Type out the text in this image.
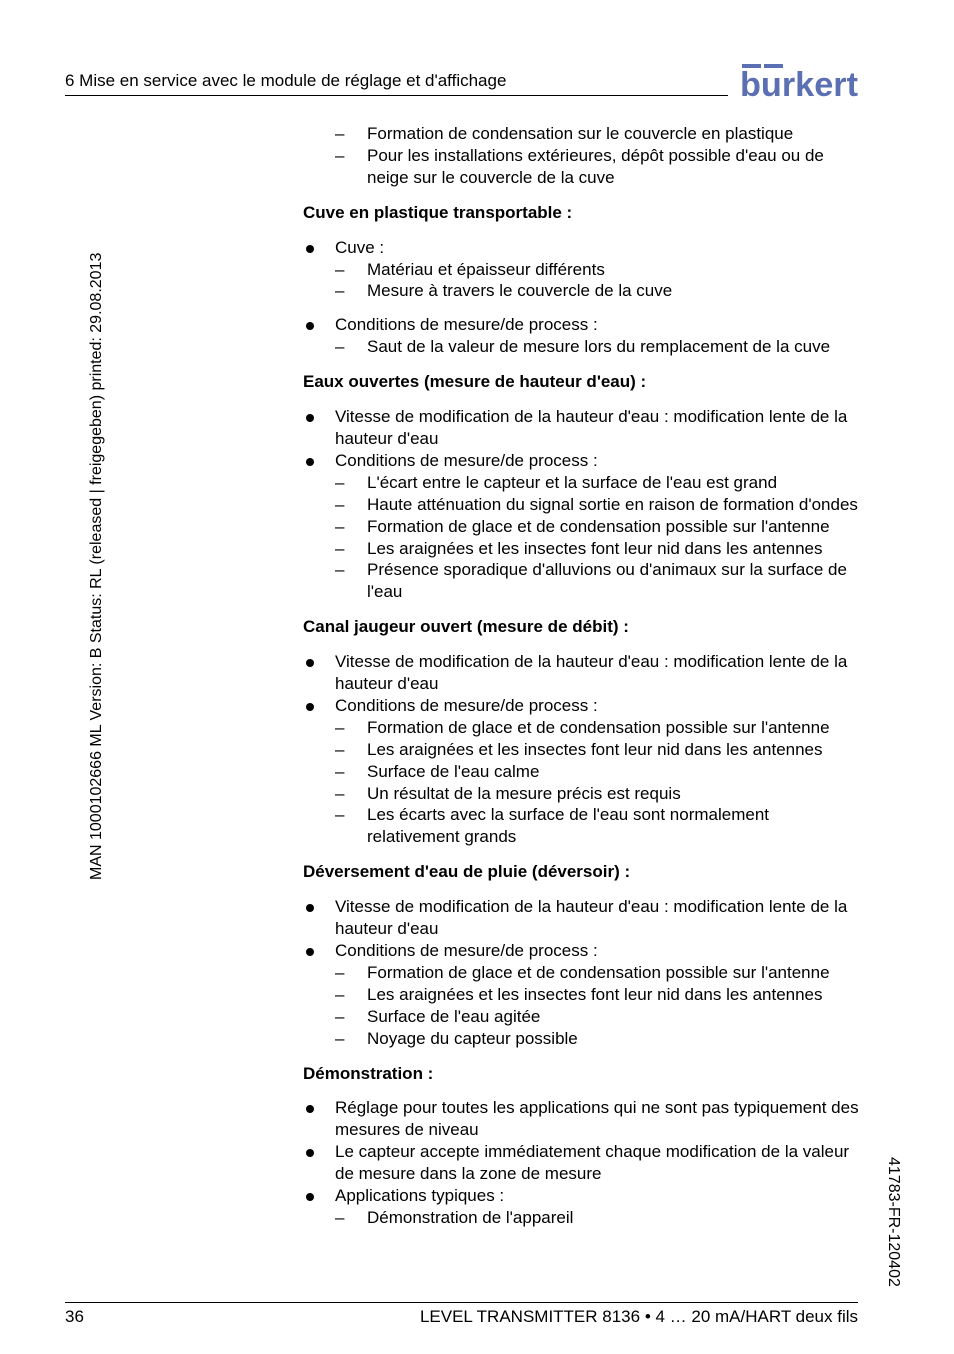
6 Mise en service avec le module de réglage et d'affichage	burkert
MAN 1000102666 ML Version: B Status: RL (released | freigegeben) printed: 29.08.2013
41783-FR-120402
– Formation de condensation sur le couvercle en plastique
– Pour les installations extérieures, dépôt possible d'eau ou de neige sur le couvercle de la cuve
Cuve en plastique transportable :
Cuve :
– Matériau et épaisseur différents
– Mesure à travers le couvercle de la cuve
Conditions de mesure/de process :
– Saut de la valeur de mesure lors du remplacement de la cuve
Eaux ouvertes (mesure de hauteur d'eau) :
Vitesse de modification de la hauteur d'eau : modification lente de la hauteur d'eau
Conditions de mesure/de process :
– L'écart entre le capteur et la surface de l'eau est grand
– Haute atténuation du signal sortie en raison de formation d'ondes
– Formation de glace et de condensation possible sur l'antenne
– Les araignées et les insectes font leur nid dans les antennes
– Présence sporadique d'alluvions ou d'animaux sur la surface de l'eau
Canal jaugeur ouvert (mesure de débit) :
Vitesse de modification de la hauteur d'eau : modification lente de la hauteur d'eau
Conditions de mesure/de process :
– Formation de glace et de condensation possible sur l'antenne
– Les araignées et les insectes font leur nid dans les antennes
– Surface de l'eau calme
– Un résultat de la mesure précis est requis
– Les écarts avec la surface de l'eau sont normalement relativement grands
Déversement d'eau de pluie (déversoir) :
Vitesse de modification de la hauteur d'eau : modification lente de la hauteur d'eau
Conditions de mesure/de process :
– Formation de glace et de condensation possible sur l'antenne
– Les araignées et les insectes font leur nid dans les antennes
– Surface de l'eau agitée
– Noyage du capteur possible
Démonstration :
Réglage pour toutes les applications qui ne sont pas typiquement des mesures de niveau
Le capteur accepte immédiatement chaque modification de la valeur de mesure dans la zone de mesure
Applications typiques :
– Démonstration de l'appareil
36	LEVEL TRANSMITTER 8136 • 4 … 20 mA/HART deux fils
